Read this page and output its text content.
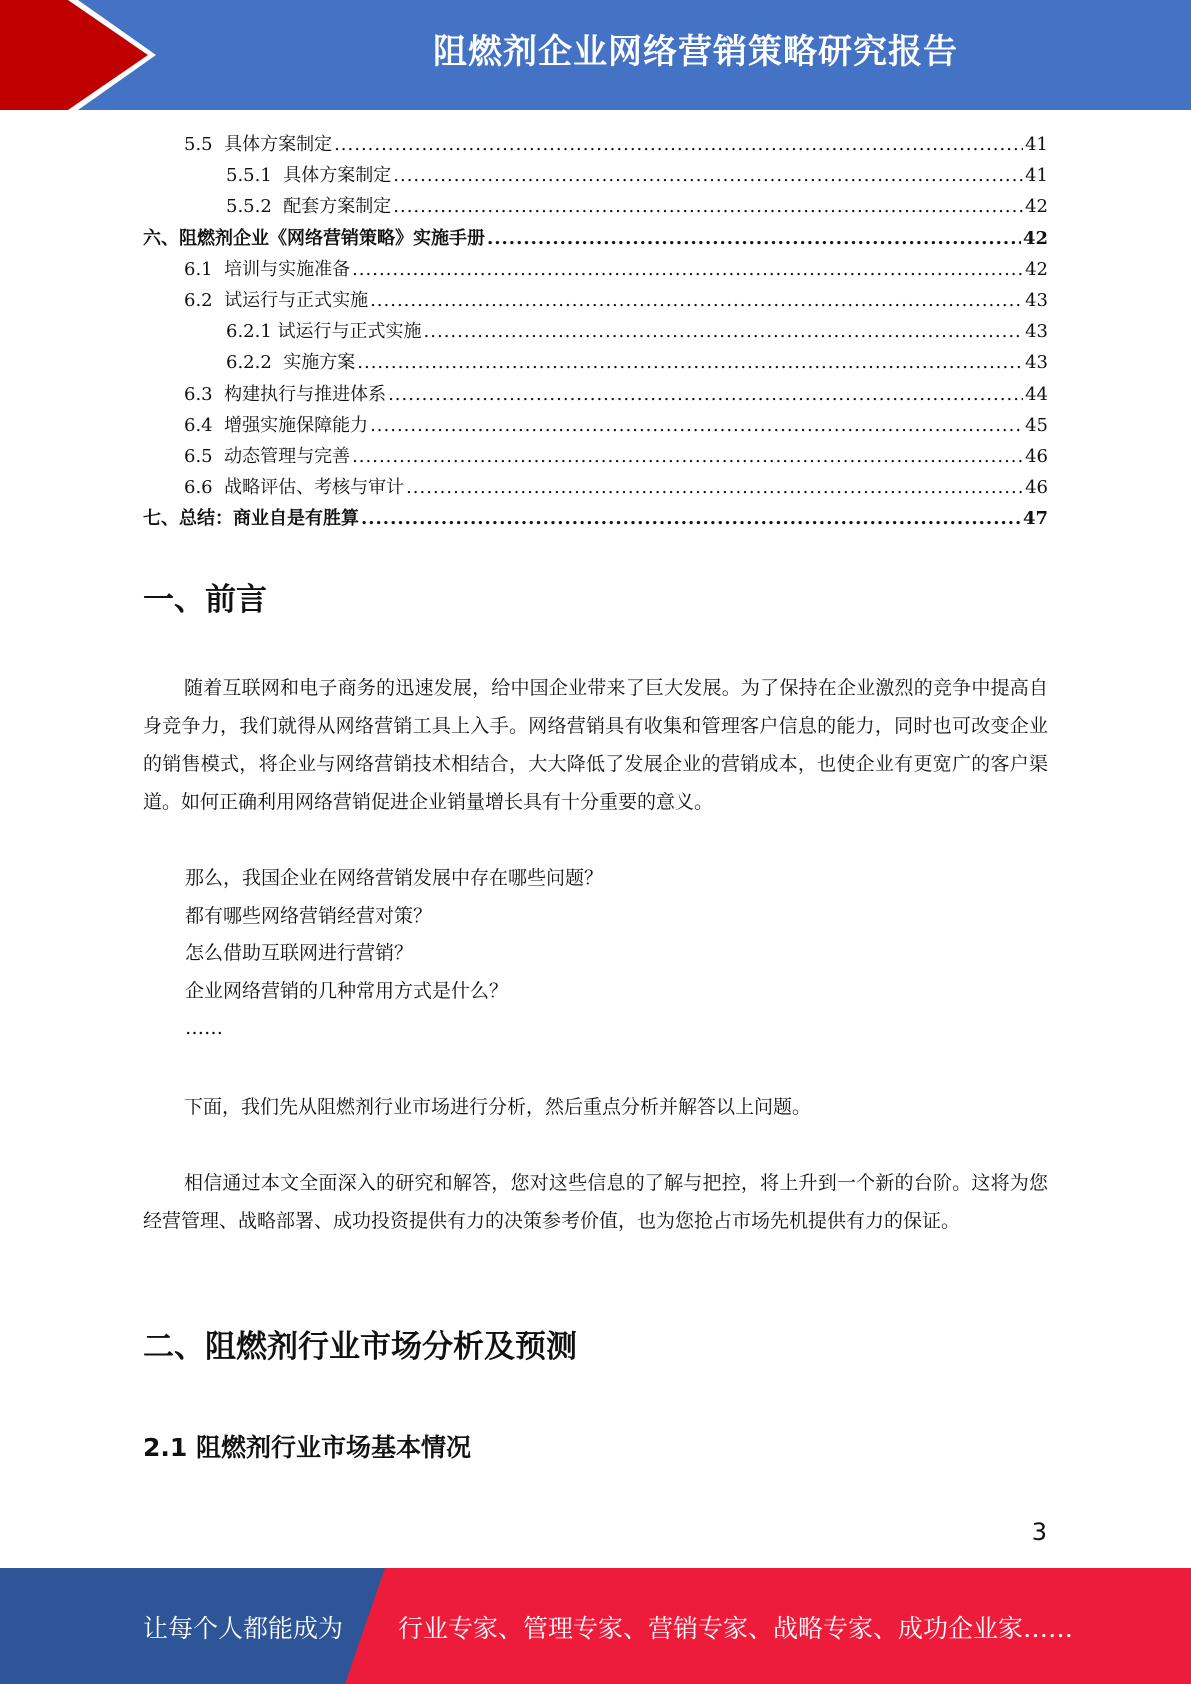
阻燃剂企业网络营销策略研究报告
5.5  具体方案制定 .....	41
5.5.1  具体方案制定 .....	41
5.5.2  配套方案制定 .....	42
六、阻燃剂企业《网络营销策略》实施手册 .....	42
6.1  培训与实施准备 .....	42
6.2  试运行与正式实施 .....	43
6.2.1 试运行与正式实施 .....	43
6.2.2  实施方案 .....	43
6.3  构建执行与推进体系 .....	44
6.4  增强实施保障能力 .....	45
6.5  动态管理与完善 .....	46
6.6  战略评估、考核与审计 .....	46
七、总结：商业自是有胜算 .....	47
一、前言

随着互联网和电子商务的迅速发展，给中国企业带来了巨大发展。为了保持在企业激烈的竞争中提高自身竞争力，我们就得从网络营销工具上入手。网络营销具有收集和管理客户信息的能力，同时也可改变企业的销售模式，将企业与网络营销技术相结合，大大降低了发展企业的营销成本，也使企业有更宽广的客户渠道。如何正确利用网络营销促进企业销量增长具有十分重要的意义。

那么，我国企业在网络营销发展中存在哪些问题？
都有哪些网络营销经营对策？
怎么借助互联网进行营销？
企业网络营销的几种常用方式是什么？
……

下面，我们先从阻燃剂行业市场进行分析，然后重点分析并解答以上问题。

相信通过本文全面深入的研究和解答，您对这些信息的了解与把控，将上升到一个新的台阶。这将为您经营管理、战略部署、成功投资提供有力的决策参考价值，也为您抢占市场先机提供有力的保证。

二、阻燃剂行业市场分析及预测
2.1 阻燃剂行业市场基本情况
3
让每个人都能成为 行业专家、管理专家、营销专家、战略专家、成功企业家……
